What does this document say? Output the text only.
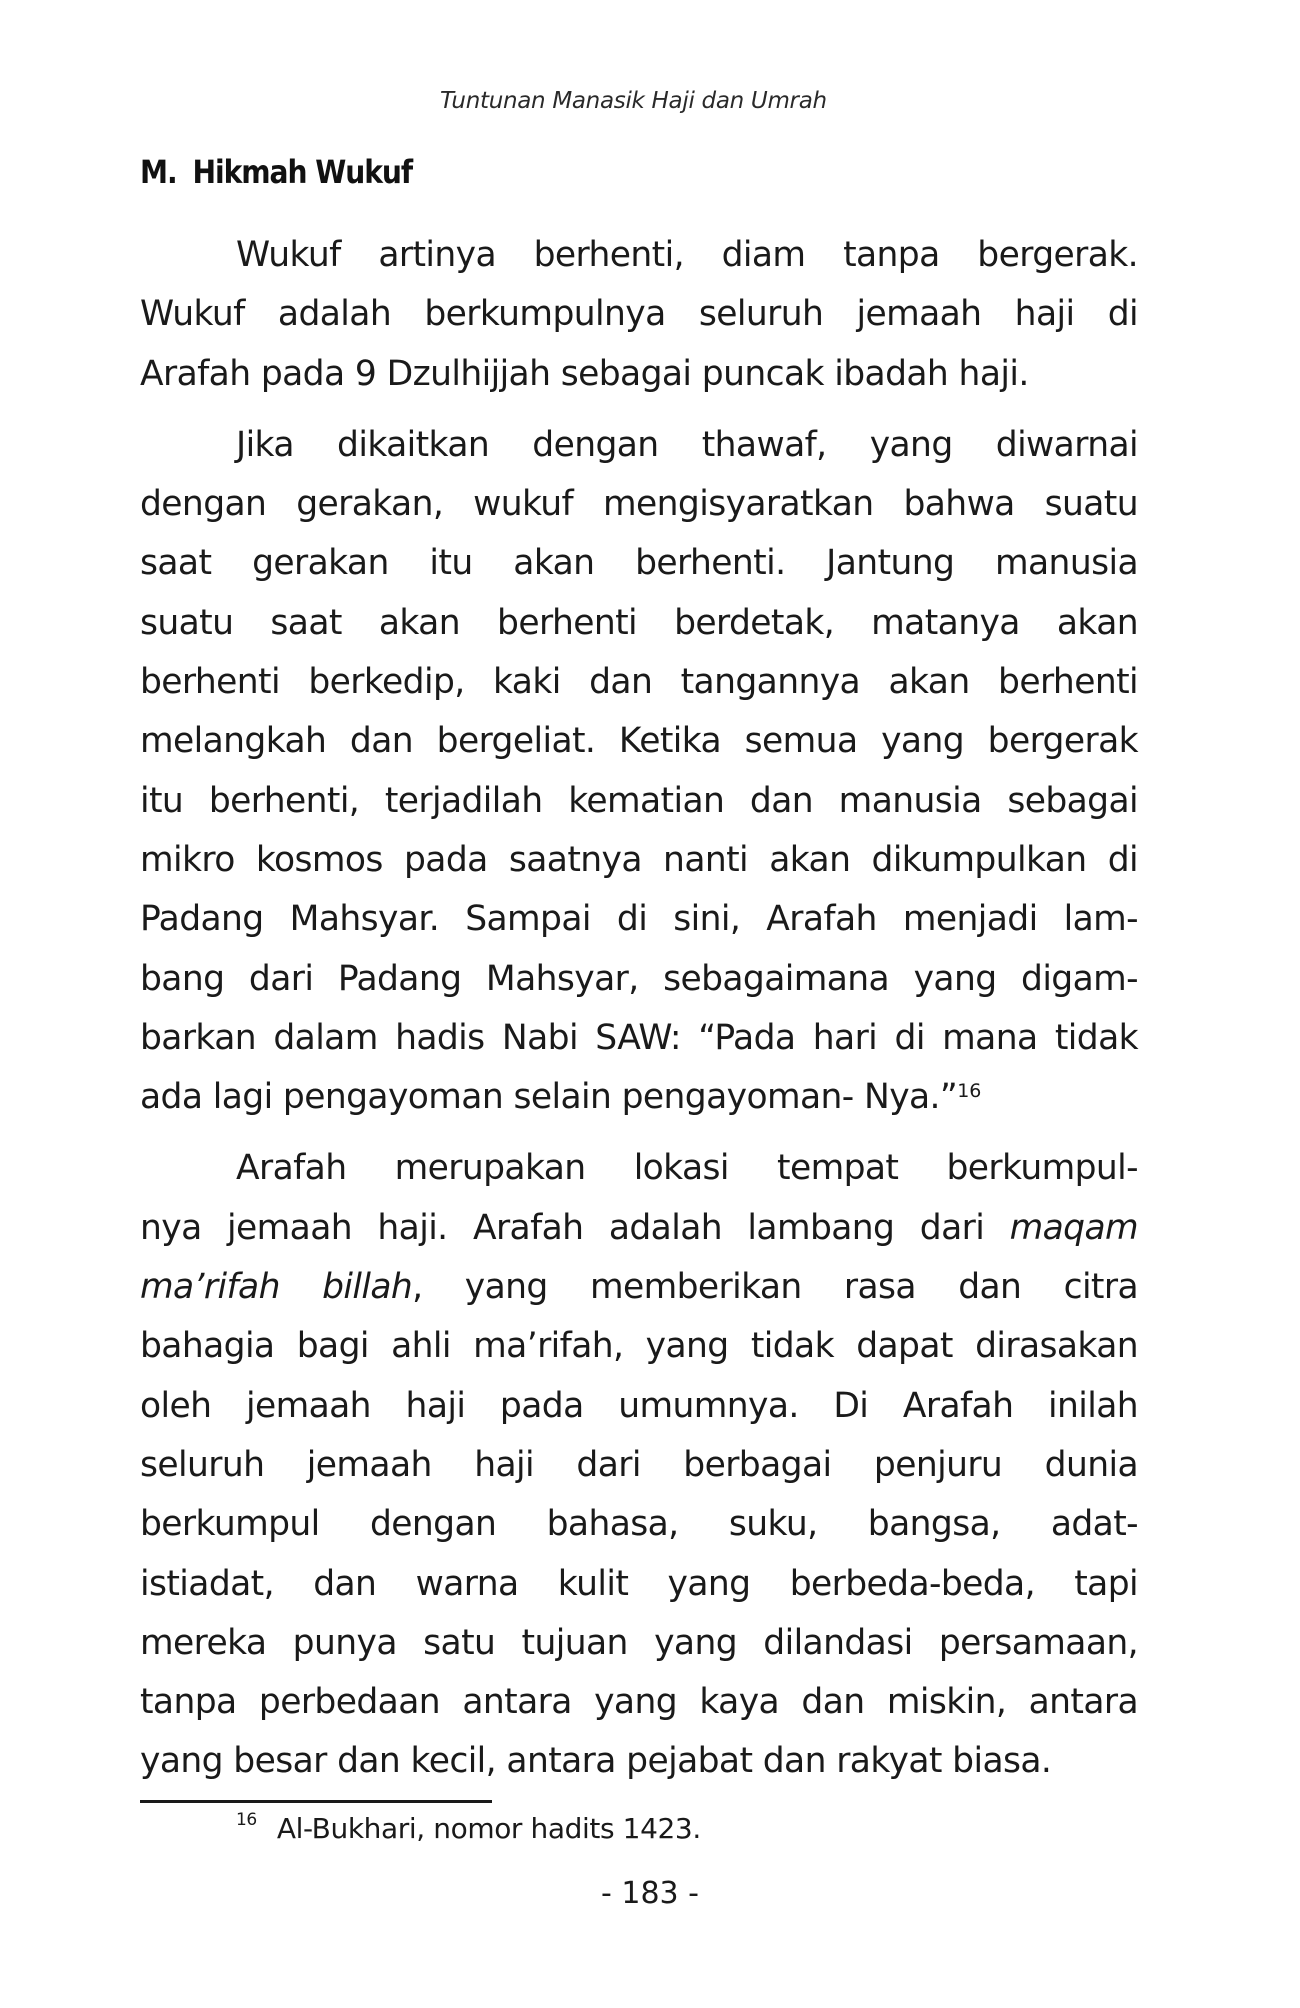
Tuntunan Manasik Haji dan Umrah
M. Hikmah Wukuf
Wukuf artinya berhenti, diam tanpa bergerak.
Wukuf adalah berkumpulnya seluruh jemaah haji di
Arafah pada 9 Dzulhijjah sebagai puncak ibadah haji.
Jika dikaitkan dengan thawaf, yang diwarnai
dengan gerakan, wukuf mengisyaratkan bahwa suatu
saat gerakan itu akan berhenti. Jantung manusia
suatu saat akan berhenti berdetak, matanya akan
berhenti berkedip, kaki dan tangannya akan berhenti
melangkah dan bergeliat. Ketika semua yang bergerak
itu berhenti, terjadilah kematian dan manusia sebagai
mikro kosmos pada saatnya nanti akan dikumpulkan di
Padang Mahsyar. Sampai di sini, Arafah menjadi lam-
bang dari Padang Mahsyar, sebagaimana yang digam-
barkan dalam hadis Nabi SAW: “Pada hari di mana tidak
ada lagi pengayoman selain pengayoman- Nya.”$^{16}$
Arafah merupakan lokasi tempat berkumpul-
nya jemaah haji. Arafah adalah lambang dari maqam
ma’rifah billah, yang memberikan rasa dan citra
bahagia bagi ahli ma’rifah, yang tidak dapat dirasakan
oleh jemaah haji pada umumnya. Di Arafah inilah
seluruh jemaah haji dari berbagai penjuru dunia
berkumpul dengan bahasa, suku, bangsa, adat-
istiadat, dan warna kulit yang berbeda-beda, tapi
mereka punya satu tujuan yang dilandasi persamaan,
tanpa perbedaan antara yang kaya dan miskin, antara
yang besar dan kecil, antara pejabat dan rakyat biasa.
$^{16}$ Al-Bukhari, nomor hadits 1423.
- 183 -
